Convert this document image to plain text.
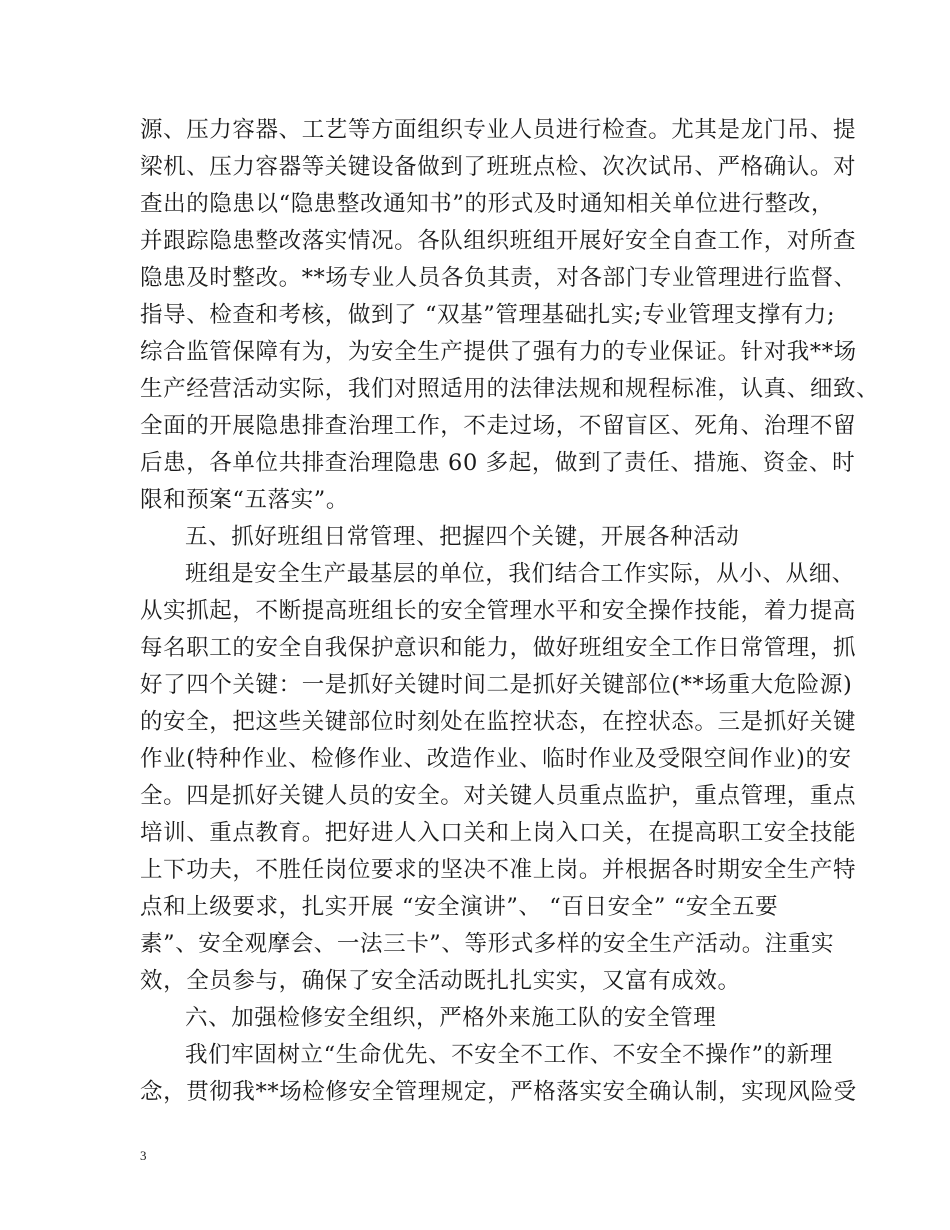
源、压力容器、工艺等方面组织专业人员进行检查。尤其是龙门吊、提

梁机、压力容器等关键设备做到了班班点检、次次试吊、严格确认。对

查出的隐患以“隐患整改通知书”的形式及时通知相关单位进行整改，

并跟踪隐患整改落实情况。各队组织班组开展好安全自查工作，对所查

隐患及时整改。**场专业人员各负其责，对各部门专业管理进行监督、

指导、检查和考核，做到了 “双基”管理基础扎实;专业管理支撑有力;

综合监管保障有为，为安全生产提供了强有力的专业保证。针对我**场

生产经营活动实际，我们对照适用的法律法规和规程标准，认真、细致、

全面的开展隐患排查治理工作，不走过场，不留盲区、死角、治理不留

后患，各单位共排查治理隐患 60 多起，做到了责任、措施、资金、时

限和预案“五落实”。

五、抓好班组日常管理、把握四个关键，开展各种活动

班组是安全生产最基层的单位，我们结合工作实际，从小、从细、

从实抓起，不断提高班组长的安全管理水平和安全操作技能，着力提高

每名职工的安全自我保护意识和能力，做好班组安全工作日常管理，抓

好了四个关键：一是抓好关键时间二是抓好关键部位(**场重大危险源)

的安全，把这些关键部位时刻处在监控状态，在控状态。三是抓好关键

作业(特种作业、检修作业、改造作业、临时作业及受限空间作业)的安

全。四是抓好关键人员的安全。对关键人员重点监护，重点管理，重点

培训、重点教育。把好进人入口关和上岗入口关，在提高职工安全技能

上下功夫，不胜任岗位要求的坚决不准上岗。并根据各时期安全生产特

点和上级要求，扎实开展 “安全演讲”、 “百日安全” “安全五要

素”、安全观摩会、一法三卡”、等形式多样的安全生产活动。注重实

效，全员参与，确保了安全活动既扎扎实实，又富有成效。

六、加强检修安全组织，严格外来施工队的安全管理

我们牢固树立“生命优先、不安全不工作、不安全不操作”的新理

念，贯彻我**场检修安全管理规定，严格落实安全确认制，实现风险受

3
